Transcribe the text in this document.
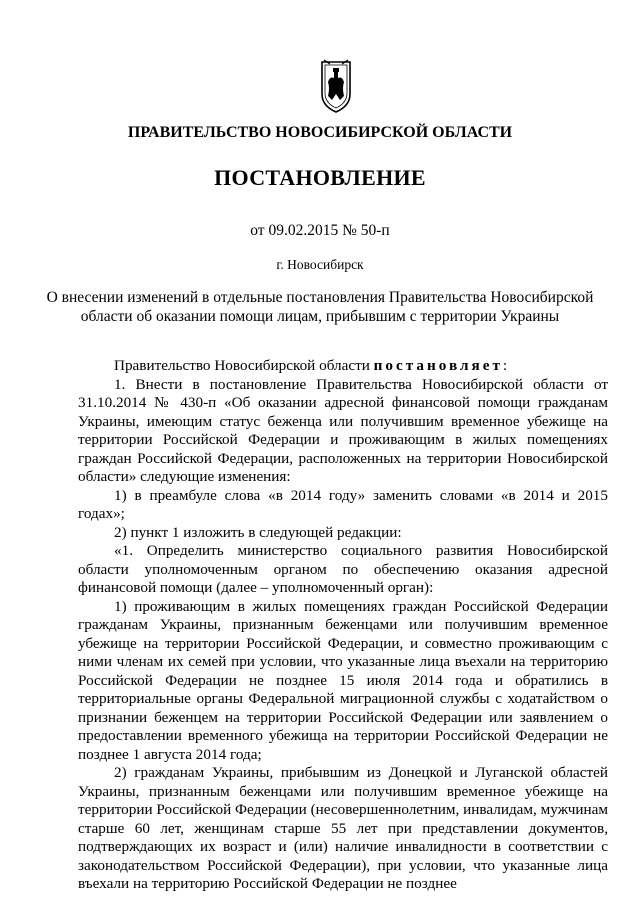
ПРАВИТЕЛЬСТВО НОВОСИБИРСКОЙ ОБЛАСТИ
ПОСТАНОВЛЕНИЕ
от 09.02.2015 № 50-п
г. Новосибирск
О внесении изменений в отдельные постановления Правительства Новосибирской
области об оказании помощи лицам, прибывшим с территории Украины

Правительство Новосибирской области постановляет:

1. Внести в постановление Правительства Новосибирской области от 31.10.2014 № 430-п «Об оказании адресной финансовой помощи гражданам Украины, имеющим статус беженца или получившим временное убежище на территории Российской Федерации и проживающим в жилых помещениях граждан Российской Федерации, расположенных на территории Новосибирской области» следующие изменения:

1) в преамбуле слова «в 2014 году» заменить словами «в 2014 и 2015 годах»;

2) пункт 1 изложить в следующей редакции:

«1. Определить министерство социального развития Новосибирской области уполномоченным органом по обеспечению оказания адресной финансовой помощи (далее – уполномоченный орган):

1) проживающим в жилых помещениях граждан Российской Федерации гражданам Украины, признанным беженцами или получившим временное убежище на территории Российской Федерации, и совместно проживающим с ними членам их семей при условии, что указанные лица въехали на территорию Российской Федерации не позднее 15 июля 2014 года и обратились в территориальные органы Федеральной миграционной службы с ходатайством о признании беженцем на территории Российской Федерации или заявлением о предоставлении временного убежища на территории Российской Федерации не позднее 1 августа 2014 года;

2) гражданам Украины, прибывшим из Донецкой и Луганской областей Украины, признанным беженцами или получившим временное убежище на территории Российской Федерации (несовершеннолетним, инвалидам, мужчинам старше 60 лет, женщинам старше 55 лет при представлении документов, подтверждающих их возраст и (или) наличие инвалидности в соответствии с законодательством Российской Федерации), при условии, что указанные лица въехали на территорию Российской Федерации не позднее
